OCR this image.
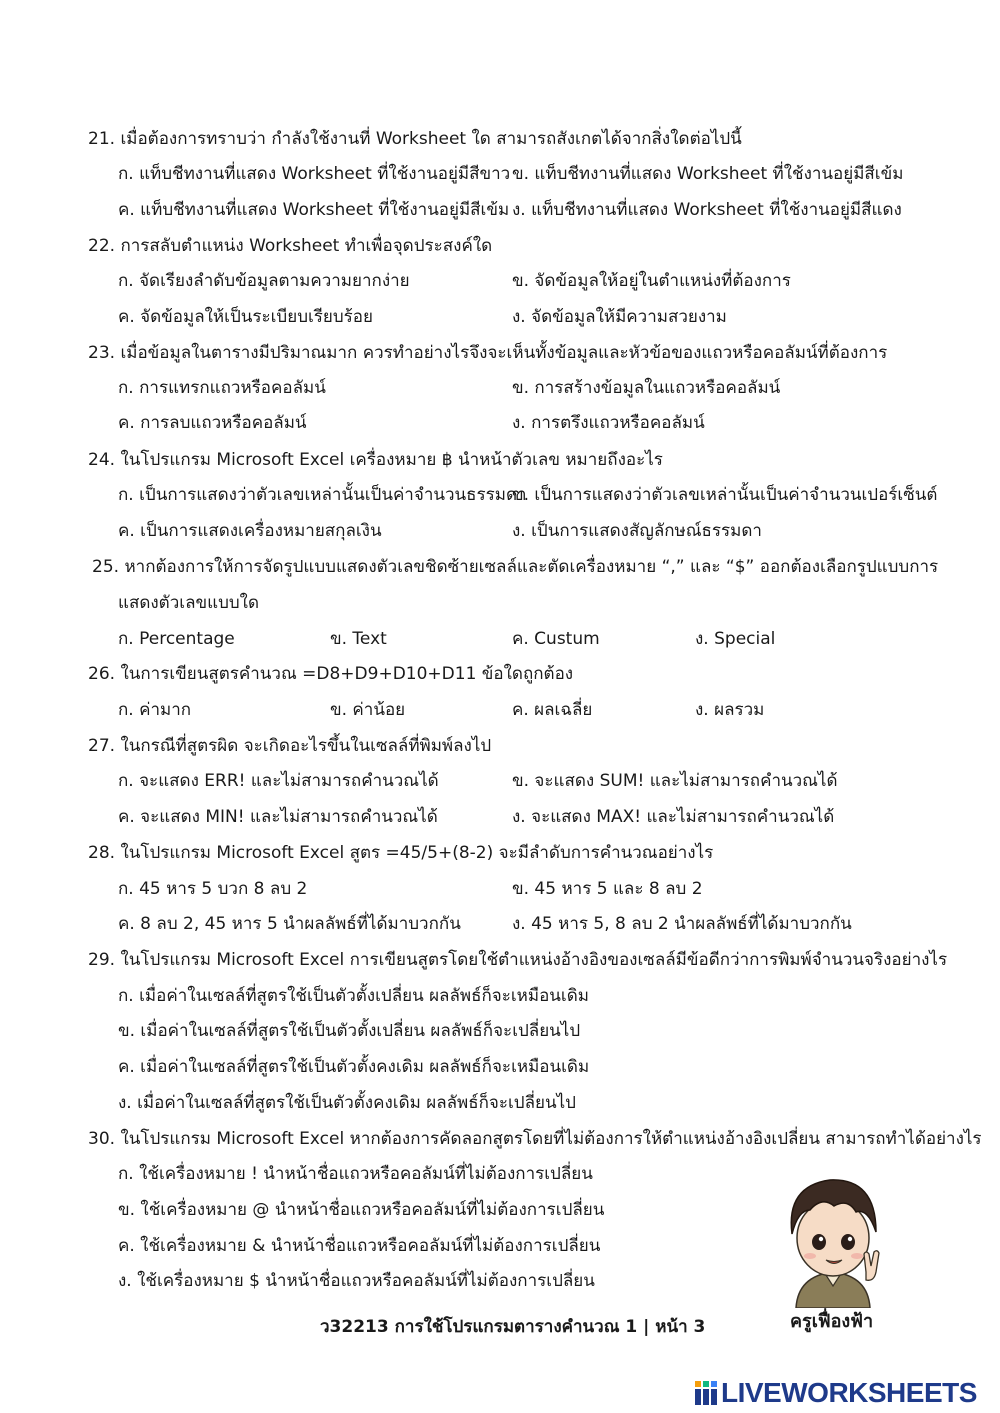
21. เมื่อต้องการทราบว่า กำลังใช้งานที่ Worksheet ใด สามารถสังเกตได้จากสิ่งใดต่อไปนี้
ก. แท็บชีทงานที่แสดง Worksheet ที่ใช้งานอยู่มีสีขาว ข. แท็บชีทงานที่แสดง Worksheet ที่ใช้งานอยู่มีสีเข้ม
ค. แท็บชีทงานที่แสดง Worksheet ที่ใช้งานอยู่มีสีเข้ม ง. แท็บชีทงานที่แสดง Worksheet ที่ใช้งานอยู่มีสีแดง
22. การสลับตำแหน่ง Worksheet ทำเพื่อจุดประสงค์ใด
ก. จัดเรียงลำดับข้อมูลตามความยากง่าย	ข. จัดข้อมูลให้อยู่ในตำแหน่งที่ต้องการ
ค. จัดข้อมูลให้เป็นระเบียบเรียบร้อย	ง. จัดข้อมูลให้มีความสวยงาม
23. เมื่อข้อมูลในตารางมีปริมาณมาก ควรทำอย่างไรจึงจะเห็นทั้งข้อมูลและหัวข้อของแถวหรือคอลัมน์ที่ต้องการ
ก. การแทรกแถวหรือคอลัมน์	ข. การสร้างข้อมูลในแถวหรือคอลัมน์
ค. การลบแถวหรือคอลัมน์	ง. การตรึงแถวหรือคอลัมน์
24. ในโปรแกรม Microsoft Excel เครื่องหมาย ฿ นำหน้าตัวเลข หมายถึงอะไร
ก. เป็นการแสดงว่าตัวเลขเหล่านั้นเป็นค่าจำนวนธรรมดา
ข. เป็นการแสดงว่าตัวเลขเหล่านั้นเป็นค่าจำนวนเปอร์เซ็นต์
ค. เป็นการแสดงเครื่องหมายสกุลเงิน	ง. เป็นการแสดงสัญลักษณ์ธรรมดา
25. หากต้องการให้การจัดรูปแบบแสดงตัวเลขชิดซ้ายเซลล์และตัดเครื่องหมาย “,” และ “$” ออกต้องเลือกรูปแบบการ
แสดงตัวเลขแบบใด
ก. Percentage	ข. Text	ค. Custum	ง. Special
26. ในการเขียนสูตรคำนวณ =D8+D9+D10+D11 ข้อใดถูกต้อง
ก. ค่ามาก	ข. ค่าน้อย	ค. ผลเฉลี่ย	ง. ผลรวม
27. ในกรณีที่สูตรผิด จะเกิดอะไรขึ้นในเซลล์ที่พิมพ์ลงไป
ก. จะแสดง ERR! และไม่สามารถคำนวณได้	ข. จะแสดง SUM! และไม่สามารถคำนวณได้
ค. จะแสดง MIN! และไม่สามารถคำนวณได้	ง. จะแสดง MAX! และไม่สามารถคำนวณได้
28. ในโปรแกรม Microsoft Excel สูตร =45/5+(8-2) จะมีลำดับการคำนวณอย่างไร
ก. 45 หาร 5 บวก 8 ลบ 2	ข. 45 หาร 5 และ 8 ลบ 2
ค. 8 ลบ 2, 45 หาร 5 นำผลลัพธ์ที่ได้มาบวกกัน	ง. 45 หาร 5, 8 ลบ 2 นำผลลัพธ์ที่ได้มาบวกกัน
29. ในโปรแกรม Microsoft Excel การเขียนสูตรโดยใช้ตำแหน่งอ้างอิงของเซลล์มีข้อดีกว่าการพิมพ์จำนวนจริงอย่างไร
ก. เมื่อค่าในเซลล์ที่สูตรใช้เป็นตัวตั้งเปลี่ยน ผลลัพธ์ก็จะเหมือนเดิม
ข. เมื่อค่าในเซลล์ที่สูตรใช้เป็นตัวตั้งเปลี่ยน ผลลัพธ์ก็จะเปลี่ยนไป
ค. เมื่อค่าในเซลล์ที่สูตรใช้เป็นตัวตั้งคงเดิม ผลลัพธ์ก็จะเหมือนเดิม
ง. เมื่อค่าในเซลล์ที่สูตรใช้เป็นตัวตั้งคงเดิม ผลลัพธ์ก็จะเปลี่ยนไป
30. ในโปรแกรม Microsoft Excel หากต้องการคัดลอกสูตรโดยที่ไม่ต้องการให้ตำแหน่งอ้างอิงเปลี่ยน สามารถทำได้อย่างไร
ก. ใช้เครื่องหมาย ! นำหน้าชื่อแถวหรือคอลัมน์ที่ไม่ต้องการเปลี่ยน
ข. ใช้เครื่องหมาย @ นำหน้าชื่อแถวหรือคอลัมน์ที่ไม่ต้องการเปลี่ยน
ค. ใช้เครื่องหมาย & นำหน้าชื่อแถวหรือคอลัมน์ที่ไม่ต้องการเปลี่ยน
ง. ใช้เครื่องหมาย $ นำหน้าชื่อแถวหรือคอลัมน์ที่ไม่ต้องการเปลี่ยน
ว32213 การใช้โปรแกรมตารางคำนวณ 1 | หน้า 3	ครูเฟื่องฟ้า
LIVEWORKSHEETS
